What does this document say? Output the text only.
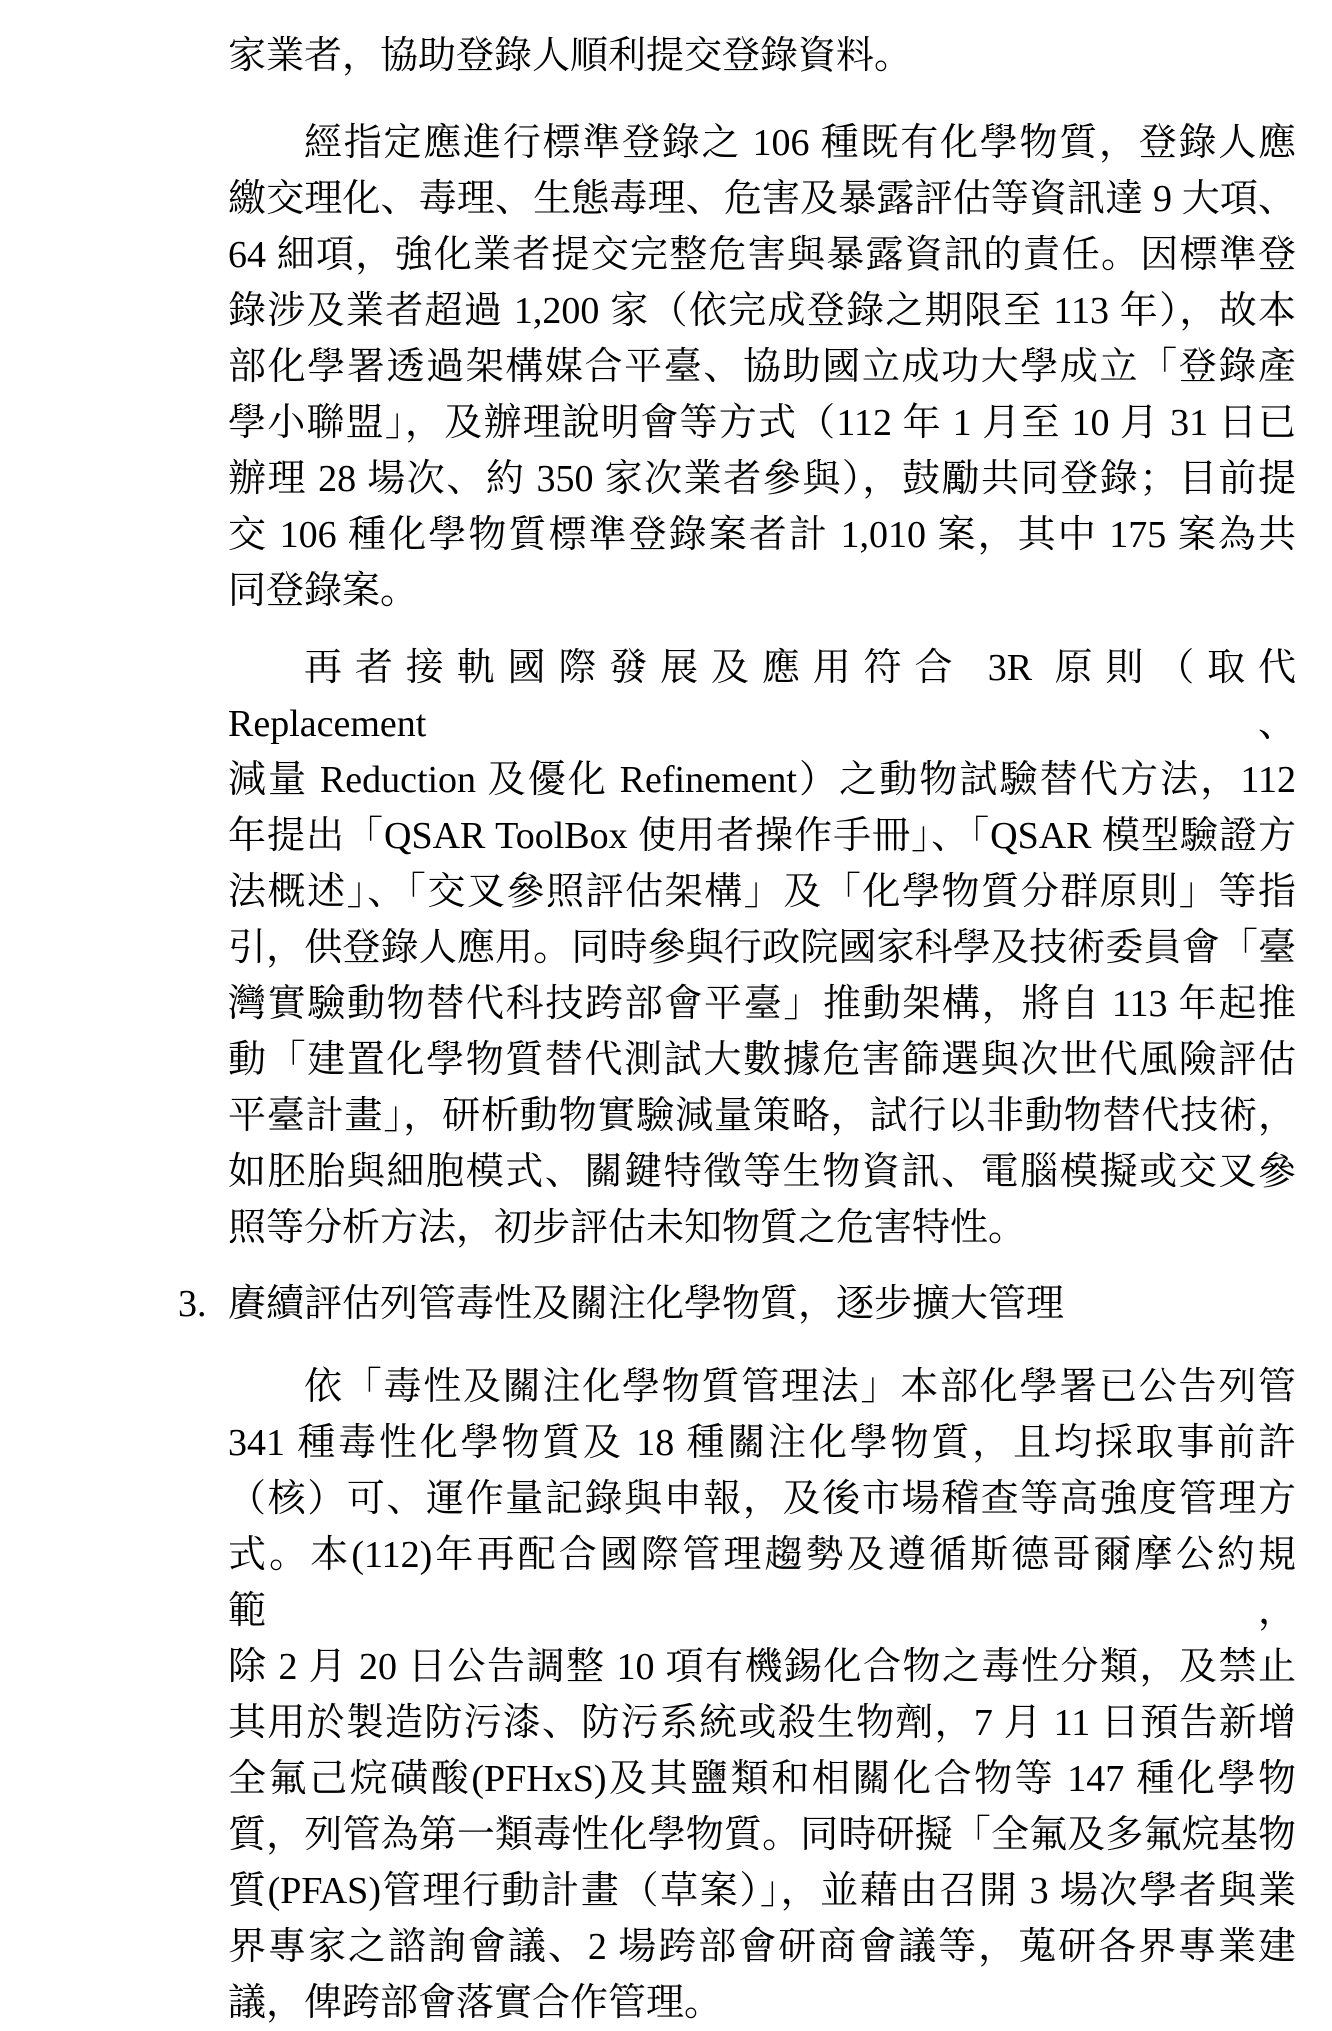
家業者，協助登錄人順利提交登錄資料。
經指定應進行標準登錄之 106 種既有化學物質，登錄人應
繳交理化、毒理、生態毒理、危害及暴露評估等資訊達 9 大項、
64 細項，強化業者提交完整危害與暴露資訊的責任。因標準登
錄涉及業者超過 1,200 家（依完成登錄之期限至 113 年），故本
部化學署透過架構媒合平臺、協助國立成功大學成立「登錄產
學小聯盟」，及辦理說明會等方式（112 年 1 月至 10 月 31 日已
辦理 28 場次、約 350 家次業者參與），鼓勵共同登錄；目前提
交 106 種化學物質標準登錄案者計 1,010 案，其中 175 案為共
同登錄案。
再者接軌國際發展及應用符合 3R 原則（取代 Replacement、
減量 Reduction 及優化 Refinement）之動物試驗替代方法，112
年提出「QSAR ToolBox 使用者操作手冊」、「QSAR 模型驗證方
法概述」、「交叉參照評估架構」及「化學物質分群原則」等指
引，供登錄人應用。同時參與行政院國家科學及技術委員會「臺
灣實驗動物替代科技跨部會平臺」推動架構，將自 113 年起推
動「建置化學物質替代測試大數據危害篩選與次世代風險評估
平臺計畫」，研析動物實驗減量策略，試行以非動物替代技術，
如胚胎與細胞模式、關鍵特徵等生物資訊、電腦模擬或交叉參
照等分析方法，初步評估未知物質之危害特性。
3. 賡續評估列管毒性及關注化學物質，逐步擴大管理
依「毒性及關注化學物質管理法」本部化學署已公告列管
341 種毒性化學物質及 18 種關注化學物質，且均採取事前許
（核）可、運作量記錄與申報，及後市場稽查等高強度管理方
式。本(112)年再配合國際管理趨勢及遵循斯德哥爾摩公約規範，
除 2 月 20 日公告調整 10 項有機錫化合物之毒性分類，及禁止
其用於製造防污漆、防污系統或殺生物劑，7 月 11 日預告新增
全氟己烷磺酸(PFHxS)及其鹽類和相關化合物等 147 種化學物
質，列管為第一類毒性化學物質。同時研擬「全氟及多氟烷基物
質(PFAS)管理行動計畫（草案）」，並藉由召開 3 場次學者與業
界專家之諮詢會議、2 場跨部會研商會議等，蒐研各界專業建
議，俾跨部會落實合作管理。
